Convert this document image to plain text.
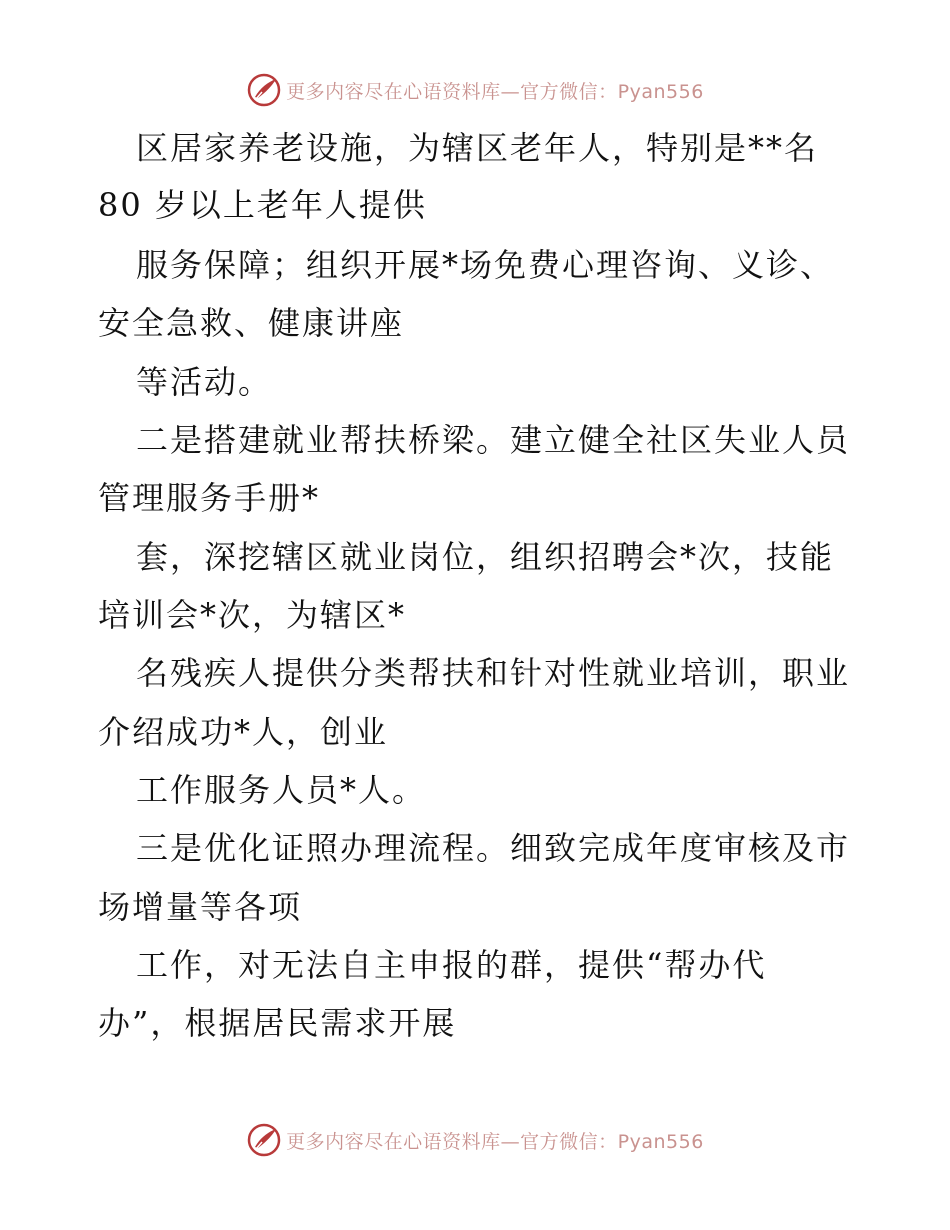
更多内容尽在心语资料库—官方微信：Pyan556
区居家养老设施，为辖区老年人，特别是**名
80 岁以上老年人提供
服务保障；组织开展*场免费心理咨询、义诊、
安全急救、健康讲座
等活动。
二是搭建就业帮扶桥梁。建立健全社区失业人员
管理服务手册*
套，深挖辖区就业岗位，组织招聘会*次，技能
培训会*次，为辖区*
名残疾人提供分类帮扶和针对性就业培训，职业
介绍成功*人，创业
工作服务人员*人。
三是优化证照办理流程。细致完成年度审核及市
场增量等各项
工作，对无法自主申报的群，提供“帮办代
办”，根据居民需求开展
更多内容尽在心语资料库—官方微信：Pyan556
